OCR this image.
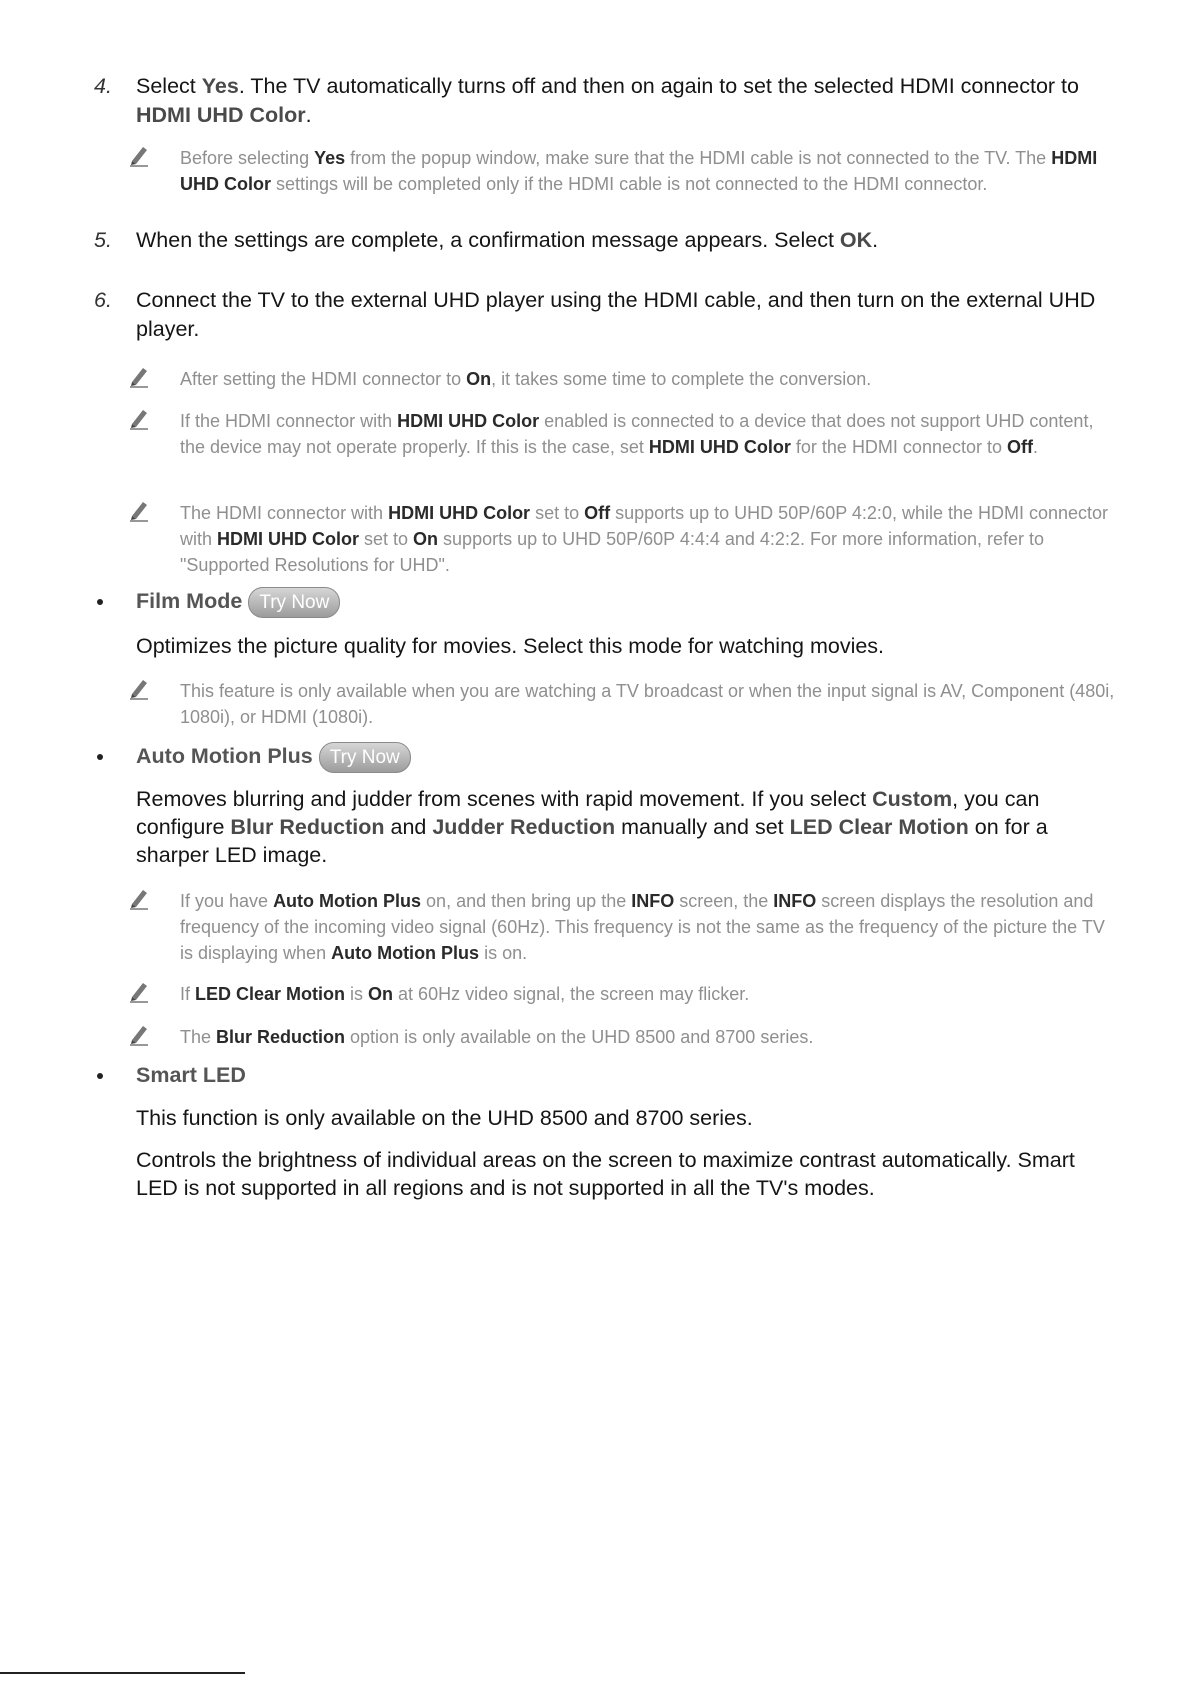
4. Select Yes. The TV automatically turns off and then on again to set the selected HDMI connector to HDMI UHD Color.
Before selecting Yes from the popup window, make sure that the HDMI cable is not connected to the TV. The HDMI UHD Color settings will be completed only if the HDMI cable is not connected to the HDMI connector.
5. When the settings are complete, a confirmation message appears. Select OK.
6. Connect the TV to the external UHD player using the HDMI cable, and then turn on the external UHD player.
After setting the HDMI connector to On, it takes some time to complete the conversion.
If the HDMI connector with HDMI UHD Color enabled is connected to a device that does not support UHD content, the device may not operate properly. If this is the case, set HDMI UHD Color for the HDMI connector to Off.
The HDMI connector with HDMI UHD Color set to Off supports up to UHD 50P/60P 4:2:0, while the HDMI connector with HDMI UHD Color set to On supports up to UHD 50P/60P 4:4:4 and 4:2:2. For more information, refer to "Supported Resolutions for UHD".
Film Mode Try Now
Optimizes the picture quality for movies. Select this mode for watching movies.
This feature is only available when you are watching a TV broadcast or when the input signal is AV, Component (480i, 1080i), or HDMI (1080i).
Auto Motion Plus Try Now
Removes blurring and judder from scenes with rapid movement. If you select Custom, you can configure Blur Reduction and Judder Reduction manually and set LED Clear Motion on for a sharper LED image.
If you have Auto Motion Plus on, and then bring up the INFO screen, the INFO screen displays the resolution and frequency of the incoming video signal (60Hz). This frequency is not the same as the frequency of the picture the TV is displaying when Auto Motion Plus is on.
If LED Clear Motion is On at 60Hz video signal, the screen may flicker.
The Blur Reduction option is only available on the UHD 8500 and 8700 series.
Smart LED
This function is only available on the UHD 8500 and 8700 series.
Controls the brightness of individual areas on the screen to maximize contrast automatically. Smart LED is not supported in all regions and is not supported in all the TV's modes.
